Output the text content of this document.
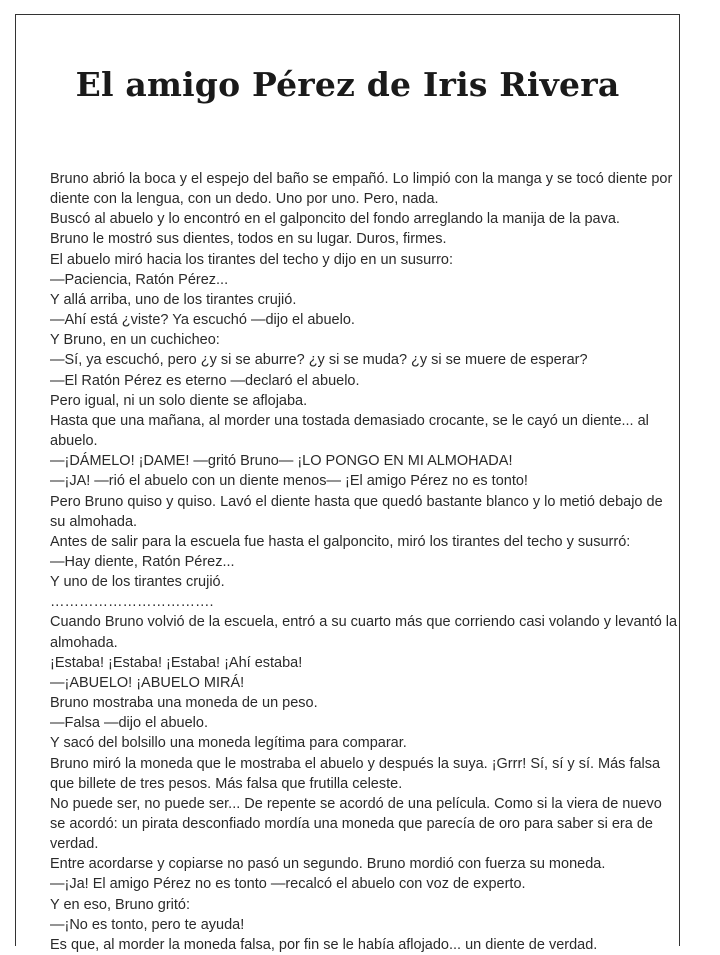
El amigo Pérez de Iris Rivera

Bruno abrió la boca y el espejo del baño se empañó. Lo limpió con la manga y se tocó diente por diente con la lengua, con un dedo. Uno por uno. Pero, nada.

Buscó al abuelo y lo encontró en el galponcito del fondo arreglando la manija de la pava.

Bruno le mostró sus dientes, todos en su lugar. Duros, firmes.

El abuelo miró hacia los tirantes del techo y dijo en un susurro:

—Paciencia, Ratón Pérez...

Y allá arriba, uno de los tirantes crujió.

—Ahí está ¿viste? Ya escuchó —dijo el abuelo.

Y Bruno, en un cuchicheo:

—Sí, ya escuchó, pero ¿y si se aburre? ¿y si se muda? ¿y si se muere de esperar?

—El Ratón Pérez es eterno —declaró el abuelo.

Pero igual, ni un solo diente se aflojaba.

Hasta que una mañana, al morder una tostada demasiado crocante, se le cayó un diente... al abuelo.

—¡DÁMELO! ¡DAME! —gritó Bruno— ¡LO PONGO EN MI ALMOHADA!

—¡JA! —rió el abuelo con un diente menos— ¡El amigo Pérez no es tonto!

Pero Bruno quiso y quiso. Lavó el diente hasta que quedó bastante blanco y lo metió debajo de su almohada.

Antes de salir para la escuela fue hasta el galponcito, miró los tirantes del techo y susurró:

—Hay diente, Ratón Pérez...

Y uno de los tirantes crujió.

…………………………….

Cuando Bruno volvió de la escuela, entró a su cuarto más que corriendo casi volando y levantó la almohada.

¡Estaba! ¡Estaba! ¡Estaba! ¡Ahí estaba!

—¡ABUELO! ¡ABUELO MIRÁ!

Bruno mostraba una moneda de un peso.

—Falsa —dijo el abuelo.

Y sacó del bolsillo una moneda legítima para comparar.

Bruno miró la moneda que le mostraba el abuelo y después la suya. ¡Grrr! Sí, sí y sí. Más falsa que billete de tres pesos. Más falsa que frutilla celeste.

No puede ser, no puede ser... De repente se acordó de una película. Como si la viera de nuevo se acordó: un pirata desconfiado mordía una moneda que parecía de oro para saber si era de verdad.

Entre acordarse y copiarse no pasó un segundo. Bruno mordió con fuerza su moneda.

—¡Ja! El amigo Pérez no es tonto —recalcó el abuelo con voz de experto.

Y en eso, Bruno gritó:

—¡No es tonto, pero te ayuda!

Es que, al morder la moneda falsa, por fin se le había aflojado... un diente de verdad.
